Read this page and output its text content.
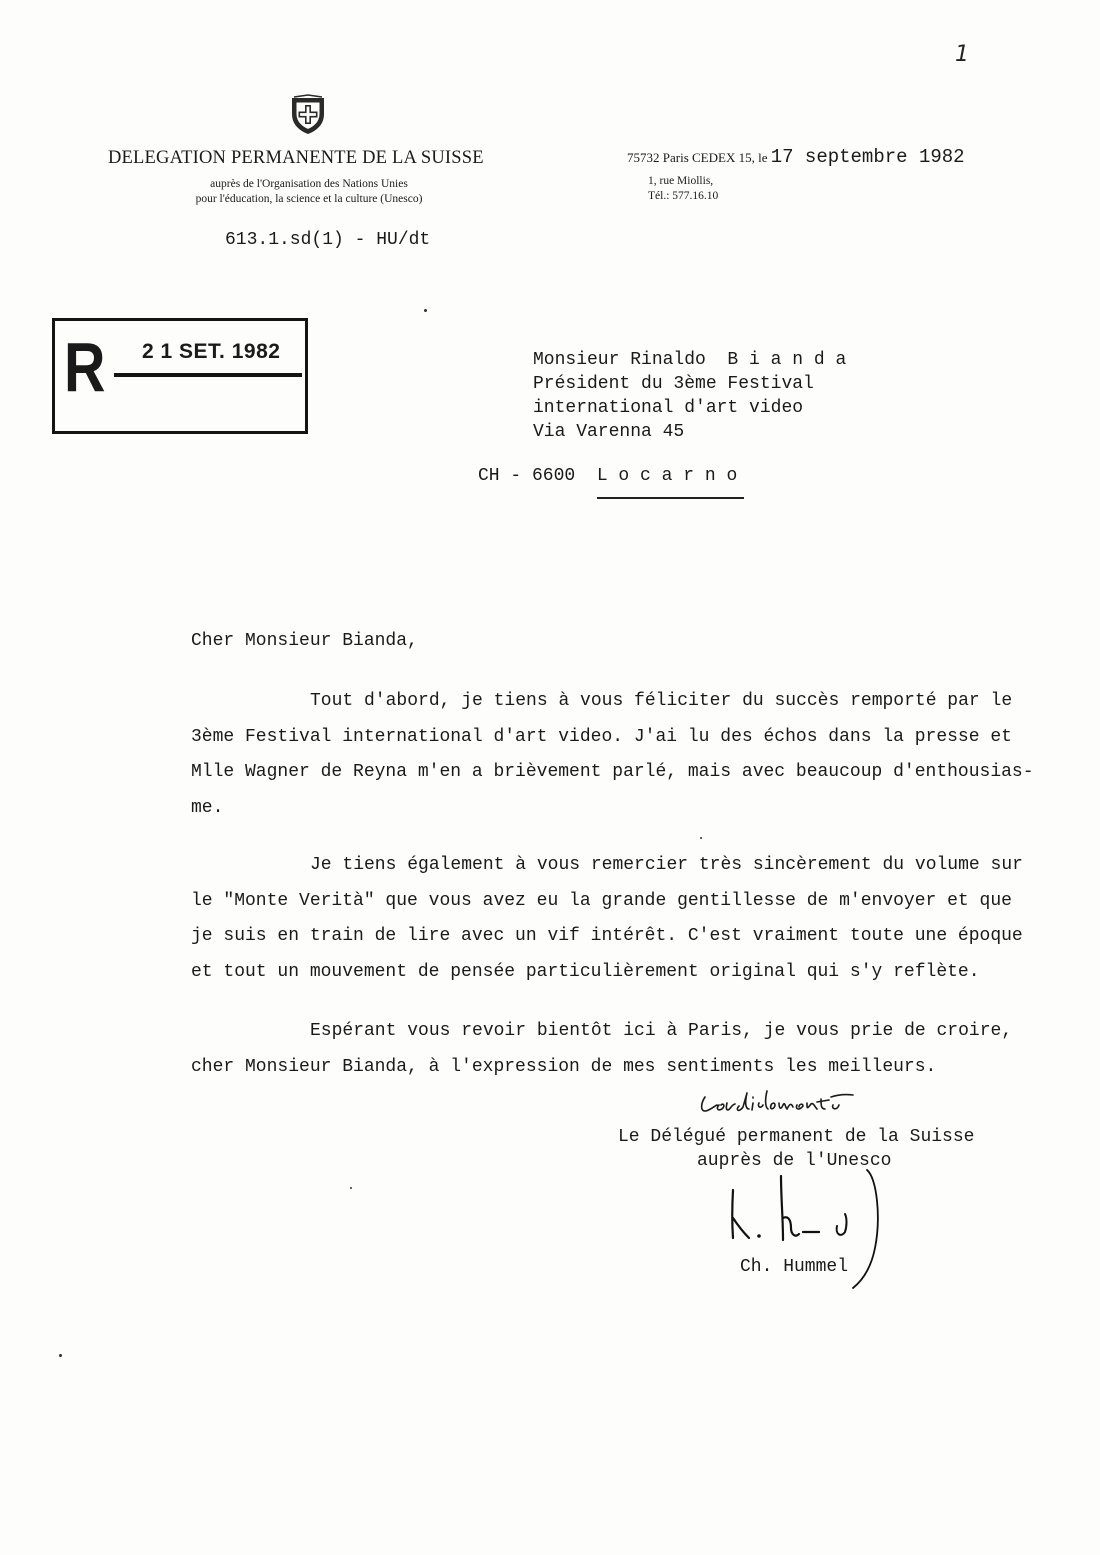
1
DELEGATION PERMANENTE DE LA SUISSE
auprès de l'Organisation des Nations Unies
pour l'éducation, la science et la culture (Unesco)
75732 Paris CEDEX 15, le 17 septembre 1982
1, rue Miollis,
Tél.: 577.16.10
613.1.sd(1) - HU/dt
R 2 1 SET. 1982	Monsieur Rinaldo  B i a n d a
Président du 3ème Festival
international d'art video
Via Varenna 45
CH - 6600 L o c a r n o
Cher Monsieur Bianda,
Tout d'abord, je tiens à vous féliciter du succès remporté par le
3ème Festival international d'art video. J'ai lu des échos dans la presse et
Mlle Wagner de Reyna m'en a brièvement parlé, mais avec beaucoup d'enthousias-
me.
Je tiens également à vous remercier très sincèrement du volume sur
le "Monte Verità" que vous avez eu la grande gentillesse de m'envoyer et que
je suis en train de lire avec un vif intérêt. C'est vraiment toute une époque
et tout un mouvement de pensée particulièrement original qui s'y reflète.
Espérant vous revoir bientôt ici à Paris, je vous prie de croire,
cher Monsieur Bianda, à l'expression de mes sentiments les meilleurs.
Le Délégué permanent de la Suisse
auprès de l'Unesco
Ch. Hummel
